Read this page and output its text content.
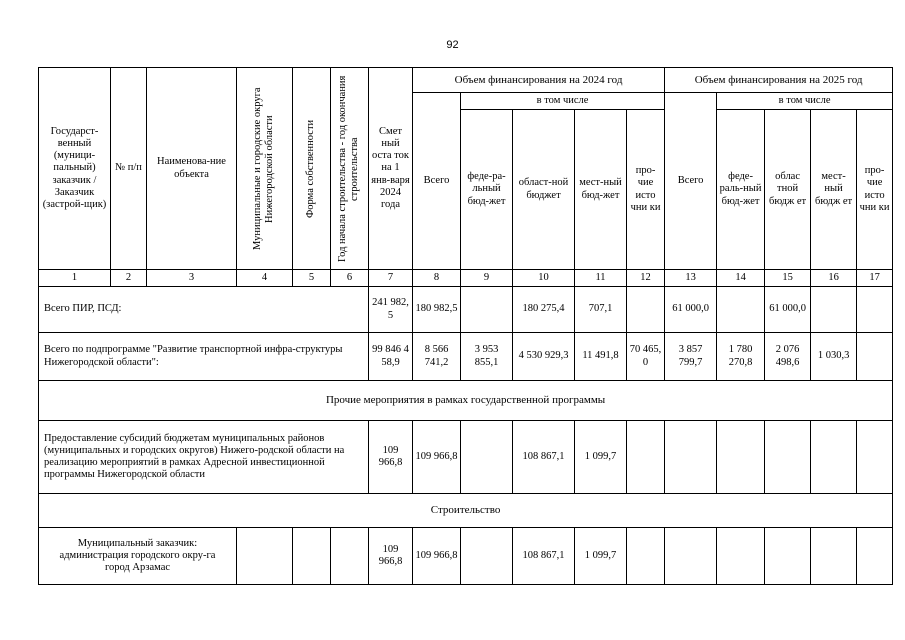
92
Государст-венный (муници-пальный) заказчик / Заказчик (застрой-щик)	№ п/п	Наименова-ние объекта	Муниципальные и городские округа Нижегородской области	Форма собственности	Год начала строительства - год окончания строительства	Смет ный оста ток на 1 янв-варя 2024 года	Объем финансирования на 2024 год					Объем финансирования на 2025 год				
							Всего	в том числе				Всего	в том числе			
								феде-ра-льный бюд-жет	област-ной бюджет	мест-ный бюд-жет	про-чие исто чни ки		феде-раль-ный бюд-жет	облас тной бюдж ет	мест-ный бюдж ет	про-чие исто чни ки
1	2	3	4	5	6	7	8	9	10	11	12	13	14	15	16	17
Всего ПИР, ПСД:						241 982,5	180 982,5		180 275,4	707,1		61 000,0		61 000,0		
Всего по подпрограмме "Развитие транспортной инфра-структуры Нижегородской области":						99 846 458,9	8 566 741,2	3 953 855,1	4 530 929,3	11 491,8	70 465, 0	3 857 799,7	1 780 270,8	2 076 498,6	1 030,3	
Прочие мероприятия в рамках государственной программы																
Предоставление субсидий бюджетам муниципальных районов (муниципальных и городских округов) Нижего-родской области на реализацию мероприятий в рамках Адресной инвестиционной программы Нижегородской области						109 966,8	109 966,8		108 867,1	1 099,7						
Строительство																
Муниципальный заказчик: администрация городского окру-га город Арзамас						109 966,8	109 966,8		108 867,1	1 099,7						
